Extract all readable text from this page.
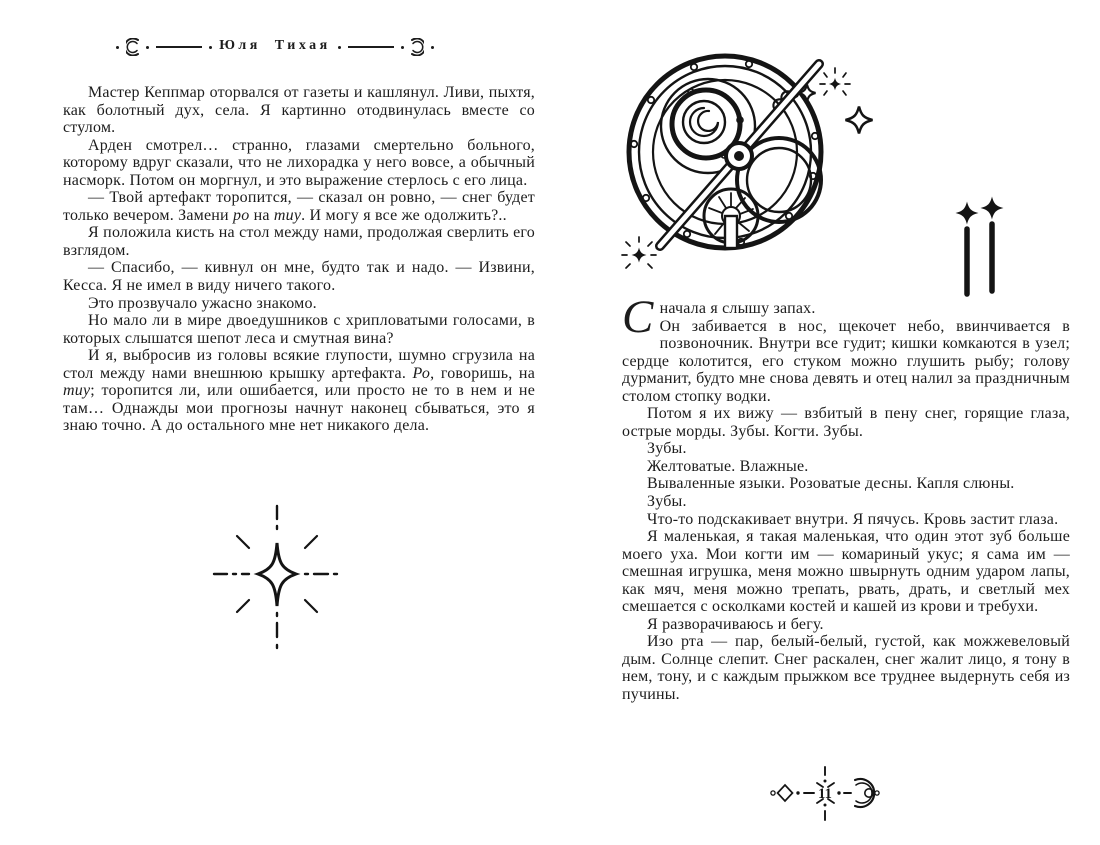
Юля Тихая

Мастер Кеппмар оторвался от газеты и кашлянул. Ливи, пыхтя, как болотный дух, села. Я картинно отодвинулась вместе со стулом.

Арден смотрел… странно, глазами смертельно больного, которому вдруг сказали, что не лихорадка у него вовсе, а обычный насморк. Потом он моргнул, и это выражение стерлось с его лица.

— Твой артефакт торопится, — сказал он ровно, — снег будет только вечером. Замени ро на тиу. И могу я все же одолжить?..

Я положила кисть на стол между нами, продолжая сверлить его взглядом.

— Спасибо, — кивнул он мне, будто так и надо. — Извини, Кесса. Я не имел в виду ничего такого.

Это прозвучало ужасно знакомо.

Но мало ли в мире двоедушников с хрипловатыми голосами, в которых слышатся шепот леса и смутная вина?

И я, выбросив из головы всякие глупости, шумно сгрузила на стол между нами внешнюю крышку артефакта. Ро, говоришь, на тиу; торопится ли, или ошибается, или просто не то в нем и не там… Однажды мои прогнозы начнут наконец сбываться, это я знаю точно. А до остального мне нет никакого дела.

Сначала я слышу запах.
Он забивается в нос, щекочет небо, ввинчивается в позвоночник. Внутри все гудит; кишки комкаются в узел; сердце колотится, его стуком можно глушить рыбу; голову дурманит, будто мне снова девять и отец налил за праздничным столом стопку водки.

Потом я их вижу — взбитый в пену снег, горящие глаза, острые морды. Зубы. Когти. Зубы.

Зубы.

Желтоватые. Влажные.

Вываленные языки. Розоватые десны. Капля слюны.

Зубы.

Что-то подскакивает внутри. Я пячусь. Кровь застит глаза.

Я маленькая, я такая маленькая, что один этот зуб больше моего уха. Мои когти им — комариный укус; я сама им — смешная игрушка, меня можно швырнуть одним ударом лапы, как мяч, меня можно трепать, рвать, драть, и светлый мех смешается с осколками костей и кашей из крови и требухи.

Я разворачиваюсь и бегу.

Изо рта — пар, белый-белый, густой, как можжевеловый дым. Солнце слепит. Снег раскален, снег жалит лицо, я тону в нем, тону, и с каждым прыжком все труднее выдернуть себя из пучины.

11
